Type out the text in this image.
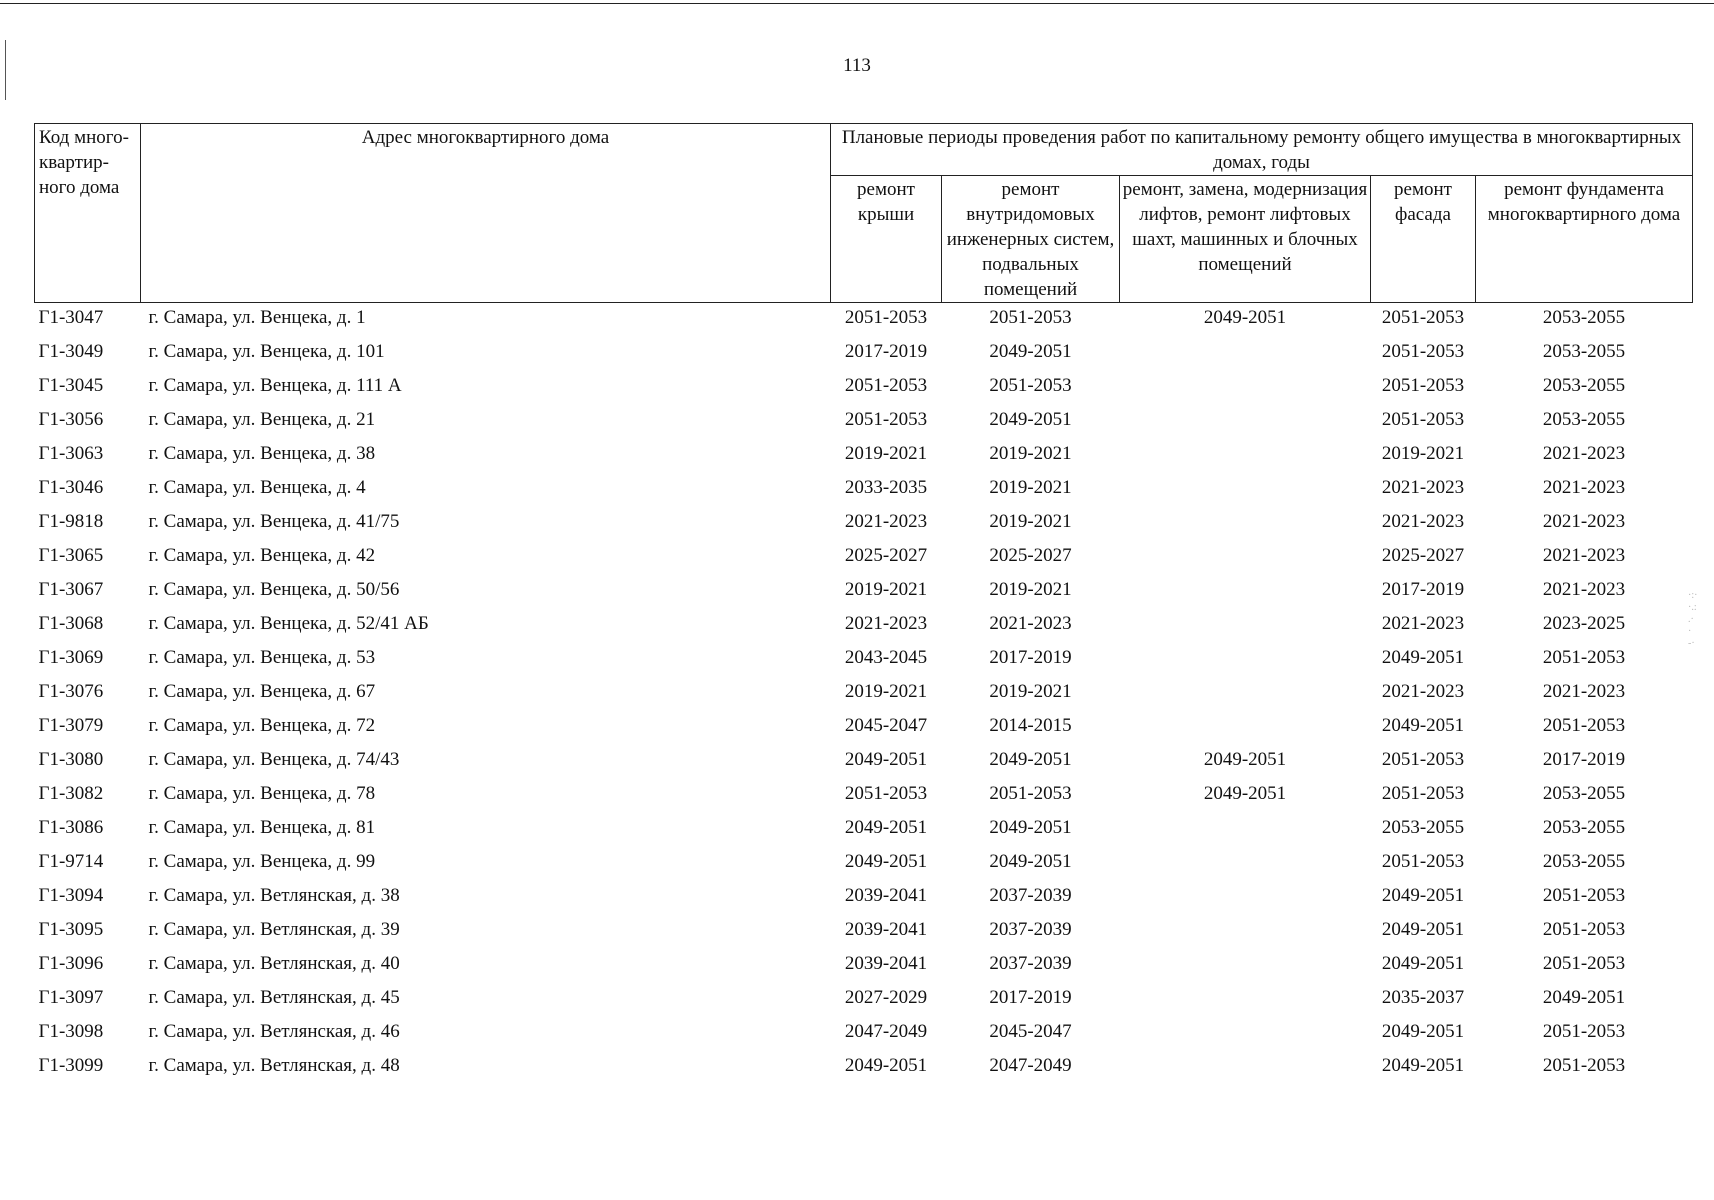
113
Код много-квартир-ного дома	Адрес многоквартирного дома	Плановые периоды проведения работ по капитальному ремонту общего имущества в многоквартирных домах, годы				
		ремонт крыши	ремонт внутридомовых инженерных систем, подвальных помещений	ремонт, замена, модернизация лифтов, ремонт лифтовых шахт, машинных и блочных помещений	ремонт фасада	ремонт фундамента многоквартирного дома
Г1-3047	г. Самара, ул. Венцека, д. 1	2051-2053	2051-2053	2049-2051	2051-2053	2053-2055
Г1-3049	г. Самара, ул. Венцека, д. 101	2017-2019	2049-2051		2051-2053	2053-2055
Г1-3045	г. Самара, ул. Венцека, д. 111 А	2051-2053	2051-2053		2051-2053	2053-2055
Г1-3056	г. Самара, ул. Венцека, д. 21	2051-2053	2049-2051		2051-2053	2053-2055
Г1-3063	г. Самара, ул. Венцека, д. 38	2019-2021	2019-2021		2019-2021	2021-2023
Г1-3046	г. Самара, ул. Венцека, д. 4	2033-2035	2019-2021		2021-2023	2021-2023
Г1-9818	г. Самара, ул. Венцека, д. 41/75	2021-2023	2019-2021		2021-2023	2021-2023
Г1-3065	г. Самара, ул. Венцека, д. 42	2025-2027	2025-2027		2025-2027	2021-2023
Г1-3067	г. Самара, ул. Венцека, д. 50/56	2019-2021	2019-2021		2017-2019	2021-2023
Г1-3068	г. Самара, ул. Венцека, д. 52/41 АБ	2021-2023	2021-2023		2021-2023	2023-2025
Г1-3069	г. Самара, ул. Венцека, д. 53	2043-2045	2017-2019		2049-2051	2051-2053
Г1-3076	г. Самара, ул. Венцека, д. 67	2019-2021	2019-2021		2021-2023	2021-2023
Г1-3079	г. Самара, ул. Венцека, д. 72	2045-2047	2014-2015		2049-2051	2051-2053
Г1-3080	г. Самара, ул. Венцека, д. 74/43	2049-2051	2049-2051	2049-2051	2051-2053	2017-2019
Г1-3082	г. Самара, ул. Венцека, д. 78	2051-2053	2051-2053	2049-2051	2051-2053	2053-2055
Г1-3086	г. Самара, ул. Венцека, д. 81	2049-2051	2049-2051		2053-2055	2053-2055
Г1-9714	г. Самара, ул. Венцека, д. 99	2049-2051	2049-2051		2051-2053	2053-2055
Г1-3094	г. Самара, ул. Ветлянская, д. 38	2039-2041	2037-2039		2049-2051	2051-2053
Г1-3095	г. Самара, ул. Ветлянская, д. 39	2039-2041	2037-2039		2049-2051	2051-2053
Г1-3096	г. Самара, ул. Ветлянская, д. 40	2039-2041	2037-2039		2049-2051	2051-2053
Г1-3097	г. Самара, ул. Ветлянская, д. 45	2027-2029	2017-2019		2035-2037	2049-2051
Г1-3098	г. Самара, ул. Ветлянская, д. 46	2047-2049	2045-2047		2049-2051	2051-2053
Г1-3099	г. Самара, ул. Ветлянская, д. 48	2049-2051	2047-2049		2049-2051	2051-2053
·:·
·.:
.·
·
-·
